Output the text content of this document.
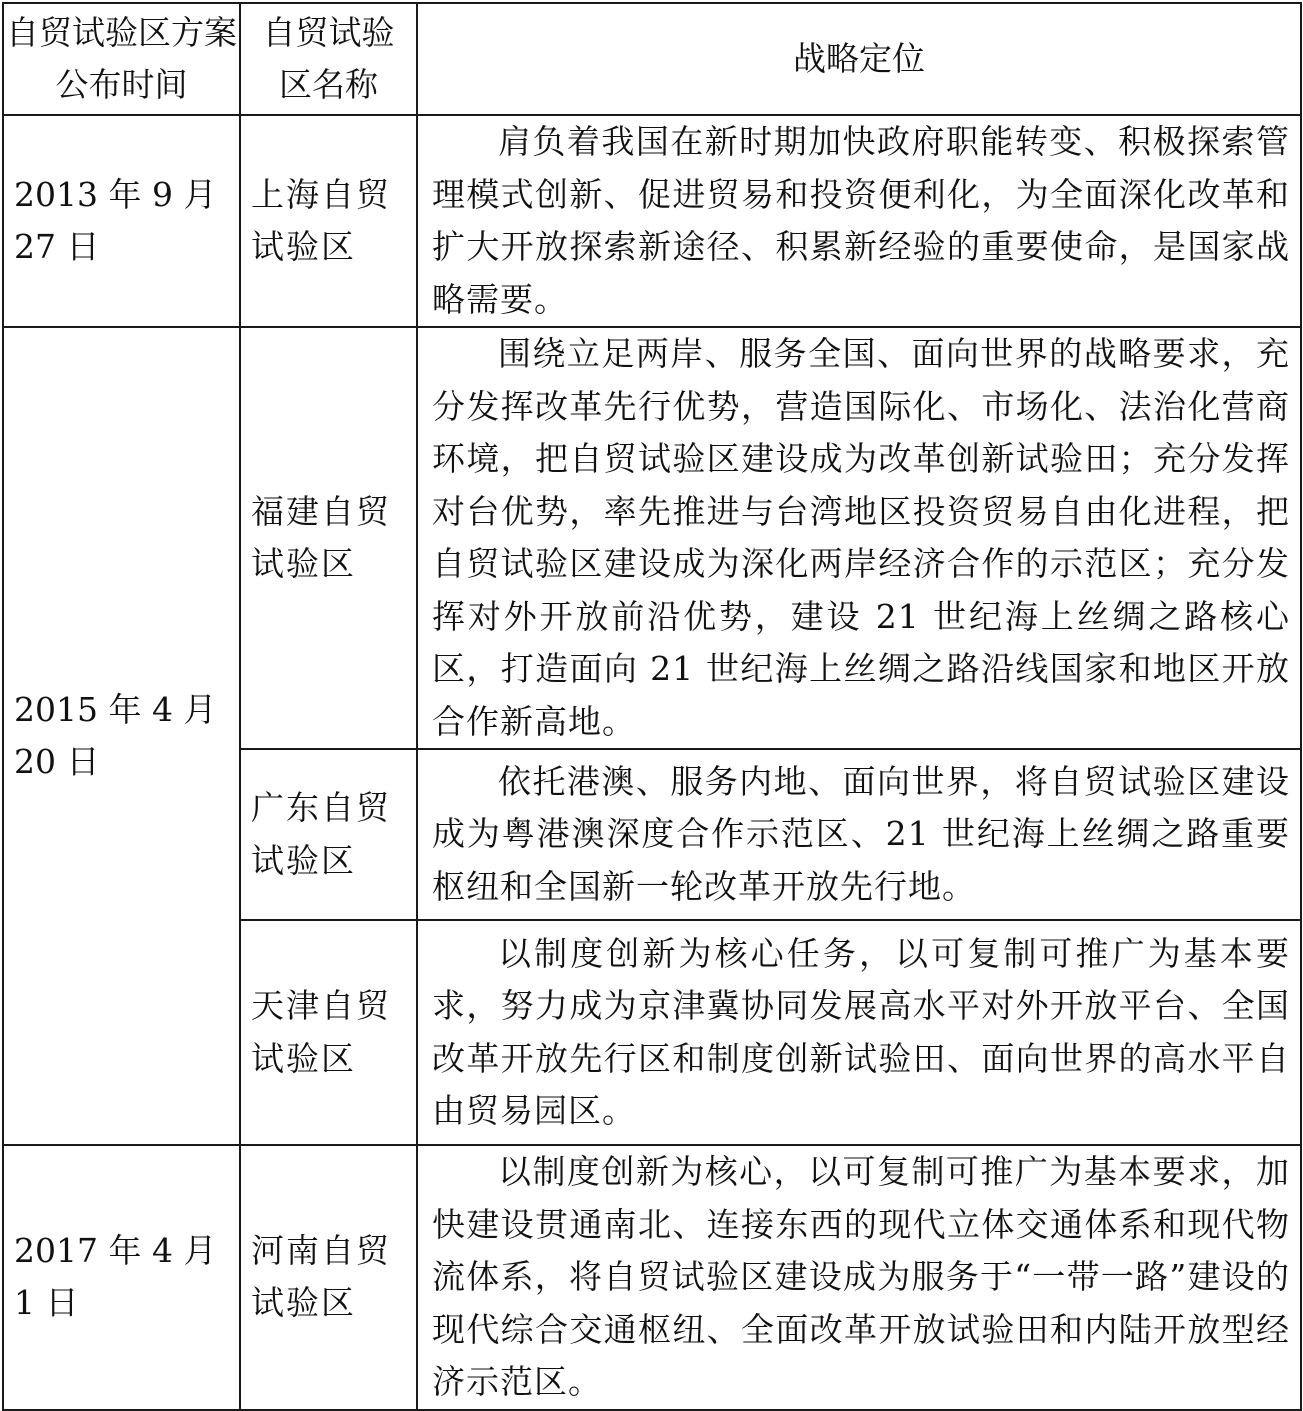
自贸试验区方案公布时间	自贸试验区名称	战略定位
2013 年 9 月 27 日	上海自贸试验区	肩负着我国在新时期加快政府职能转变、积极探索管理模式创新、促进贸易和投资便利化，为全面深化改革和扩大开放探索新途径、积累新经验的重要使命，是国家战略需要。
2015 年 4 月 20 日	福建自贸试验区	围绕立足两岸、服务全国、面向世界的战略要求，充分发挥改革先行优势，营造国际化、市场化、法治化营商环境，把自贸试验区建设成为改革创新试验田；充分发挥对台优势，率先推进与台湾地区投资贸易自由化进程，把自贸试验区建设成为深化两岸经济合作的示范区；充分发挥对外开放前沿优势，建设 21 世纪海上丝绸之路核心区，打造面向 21 世纪海上丝绸之路沿线国家和地区开放合作新高地。
	广东自贸试验区	依托港澳、服务内地、面向世界，将自贸试验区建设成为粤港澳深度合作示范区、21 世纪海上丝绸之路重要枢纽和全国新一轮改革开放先行地。
	天津自贸试验区	以制度创新为核心任务，以可复制可推广为基本要求，努力成为京津冀协同发展高水平对外开放平台、全国改革开放先行区和制度创新试验田、面向世界的高水平自由贸易园区。
2017 年 4 月 1 日	河南自贸试验区	以制度创新为核心，以可复制可推广为基本要求，加快建设贯通南北、连接东西的现代立体交通体系和现代物流体系，将自贸试验区建设成为服务于“一带一路”建设的现代综合交通枢纽、全面改革开放试验田和内陆开放型经济示范区。
